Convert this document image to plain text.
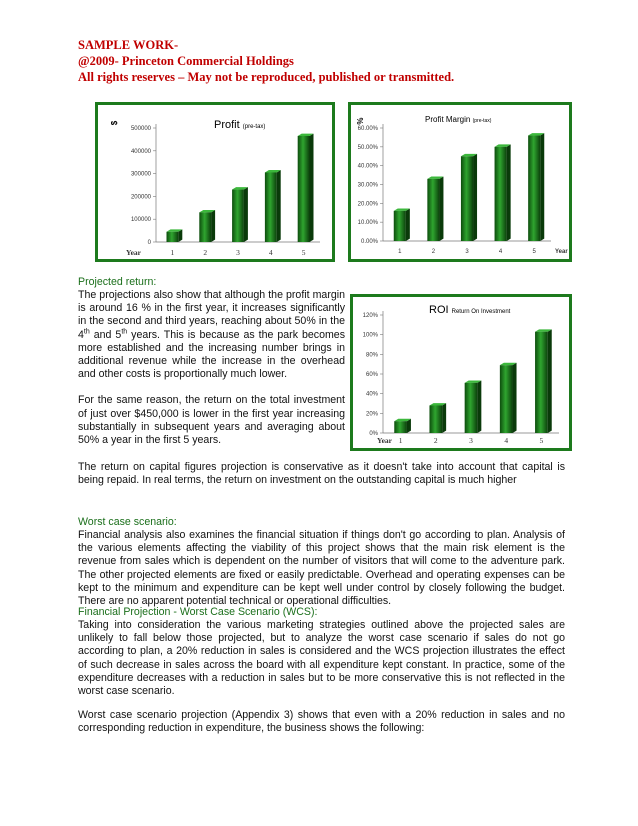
SAMPLE WORK-
@2009- Princeton Commercial Holdings
All rights reserves – May not be reproduced, published or transmitted.
0
100000
200000
300000
400000
500000
1	2	3	4	5
Profit (pre-tax)
$
Year
0.00%
10.00%
20.00%
30.00%
40.00%
50.00%
60.00%
1	2	3	4	5
Profit Margin (pre-tax)
%
Year
0%
20%
40%
60%
80%
100%
120%
1	2	3	4	5
ROI Return On Investment
Year
Projected return:

The projections also show that although the profit margin is around 16 % in the first year, it increases significantly in the second and third years, reaching about 50% in the 4th and 5th years. This is because as the park becomes more established and the increasing number brings in additional revenue while the increase in the overhead and other costs is proportionally much lower.

For the same reason, the return on the total investment of just over $450,000 is lower in the first year increasing substantially in subsequent years and averaging about 50% a year in the first 5 years.

The return on capital figures projection is conservative as it doesn't take into account that capital is being repaid. In real terms, the return on investment on the outstanding capital is much higher
Worst case scenario:
Financial analysis also examines the financial situation if things don't go according to plan. Analysis of the various elements affecting the viability of this project shows that the main risk element is the revenue from sales which is dependent on the number of visitors that will come to the adventure park. The other projected elements are fixed or easily predictable. Overhead and operating expenses can be kept to the minimum and expenditure can be kept well under control by closely following the budget. There are no apparent potential technical or operational difficulties.
Financial Projection - Worst Case Scenario (WCS):
Taking into consideration the various marketing strategies outlined above the projected sales are unlikely to fall below those projected, but to analyze the worst case scenario if sales do not go according to plan, a 20% reduction in sales is considered and the WCS projection illustrates the effect of such decrease in sales across the board with all expenditure kept constant. In practice, some of the expenditure decreases with a reduction in sales but to be more conservative this is not reflected in the worst case scenario.
Worst case scenario projection (Appendix 3) shows that even with a 20% reduction in sales and no corresponding reduction in expenditure, the business shows the following:
